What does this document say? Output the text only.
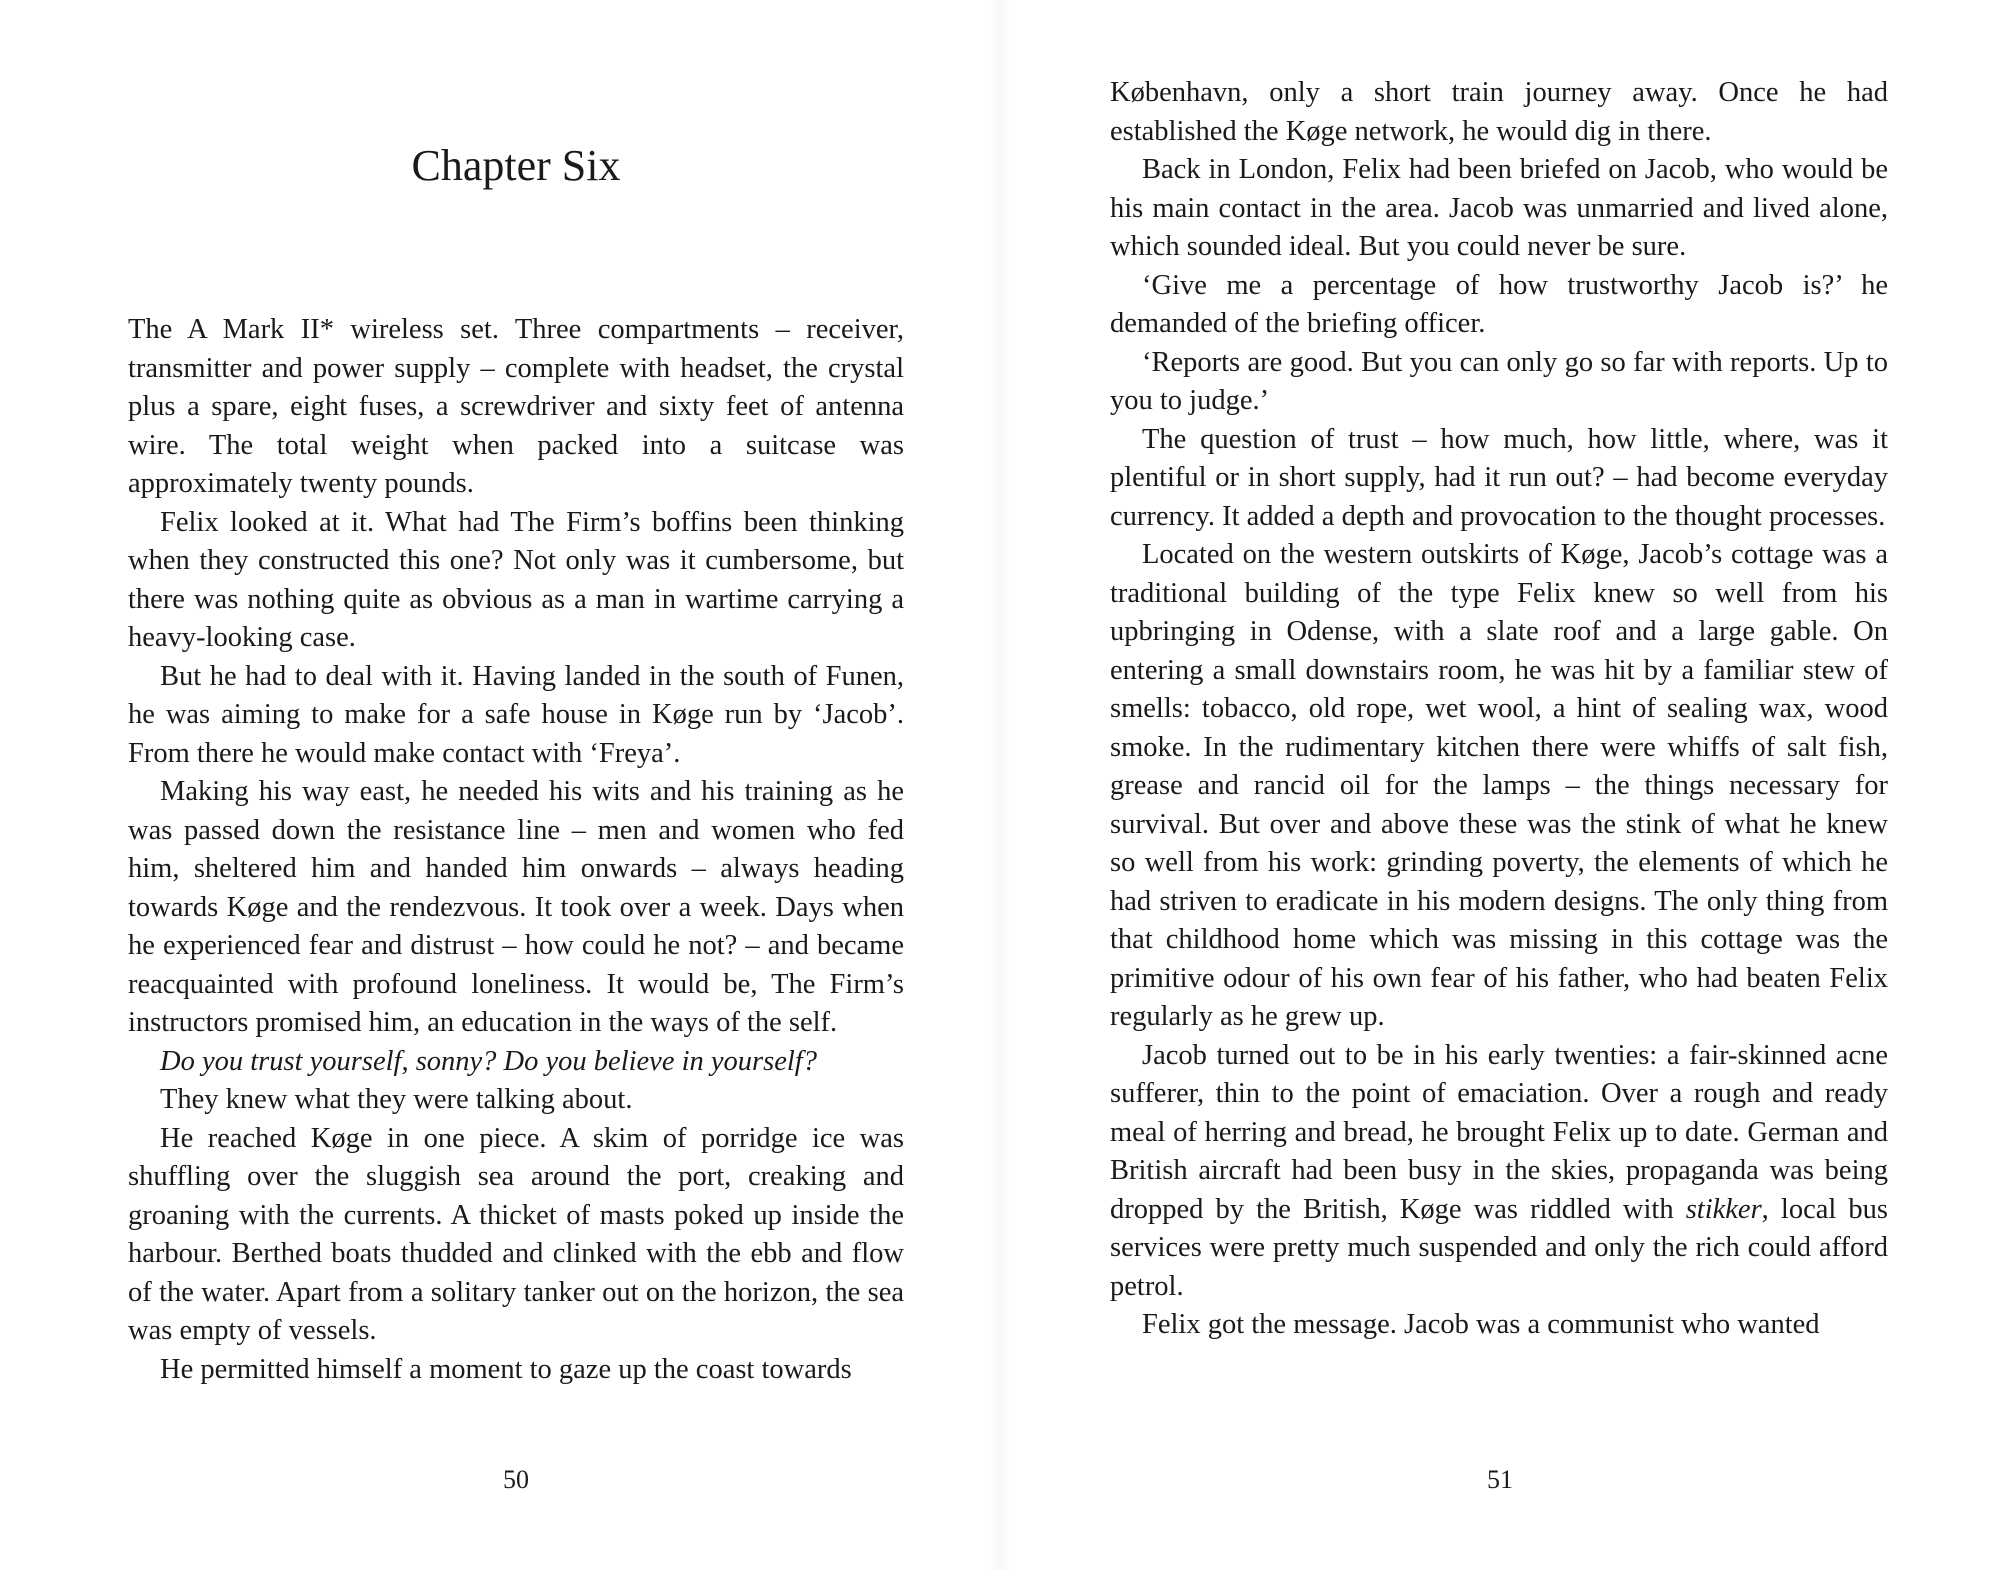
Chapter Six

The A Mark II* wireless set. Three compartments – receiver, transmitter and power supply – complete with headset, the crystal plus a spare, eight fuses, a screwdriver and sixty feet of antenna wire. The total weight when packed into a suitcase was approximately twenty pounds.

Felix looked at it. What had The Firm’s boffins been thinking when they constructed this one? Not only was it cumbersome, but there was nothing quite as obvious as a man in wartime carrying a heavy-looking case.

But he had to deal with it. Having landed in the south of Funen, he was aiming to make for a safe house in Køge run by ‘Jacob’. From there he would make contact with ‘Freya’.

Making his way east, he needed his wits and his training as he was passed down the resistance line – men and women who fed him, sheltered him and handed him onwards – always heading towards Køge and the rendezvous. It took over a week. Days when he experienced fear and distrust – how could he not? – and became reacquainted with profound loneliness. It would be, The Firm’s instructors promised him, an education in the ways of the self.

Do you trust yourself, sonny? Do you believe in yourself?

They knew what they were talking about.

He reached Køge in one piece. A skim of porridge ice was shuffling over the sluggish sea around the port, creaking and groaning with the currents. A thicket of masts poked up inside the harbour. Berthed boats thudded and clinked with the ebb and flow of the water. Apart from a solitary tanker out on the horizon, the sea was empty of vessels.

He permitted himself a moment to gaze up the coast towards

50

København, only a short train journey away. Once he had established the Køge network, he would dig in there.

Back in London, Felix had been briefed on Jacob, who would be his main contact in the area. Jacob was unmarried and lived alone, which sounded ideal. But you could never be sure.

‘Give me a percentage of how trustworthy Jacob is?’ he demanded of the briefing officer.

‘Reports are good. But you can only go so far with reports. Up to you to judge.’

The question of trust – how much, how little, where, was it plentiful or in short supply, had it run out? – had become everyday currency. It added a depth and provocation to the thought processes.

Located on the western outskirts of Køge, Jacob’s cottage was a traditional building of the type Felix knew so well from his upbringing in Odense, with a slate roof and a large gable. On entering a small downstairs room, he was hit by a familiar stew of smells: tobacco, old rope, wet wool, a hint of sealing wax, wood smoke. In the rudimentary kitchen there were whiffs of salt fish, grease and rancid oil for the lamps – the things necessary for survival. But over and above these was the stink of what he knew so well from his work: grinding poverty, the elements of which he had striven to eradicate in his modern designs. The only thing from that childhood home which was missing in this cottage was the primitive odour of his own fear of his father, who had beaten Felix regularly as he grew up.

Jacob turned out to be in his early twenties: a fair-skinned acne sufferer, thin to the point of emaciation. Over a rough and ready meal of herring and bread, he brought Felix up to date. German and British aircraft had been busy in the skies, propaganda was being dropped by the British, Køge was riddled with stikker, local bus services were pretty much suspended and only the rich could afford petrol.

Felix got the message. Jacob was a communist who wanted

51
